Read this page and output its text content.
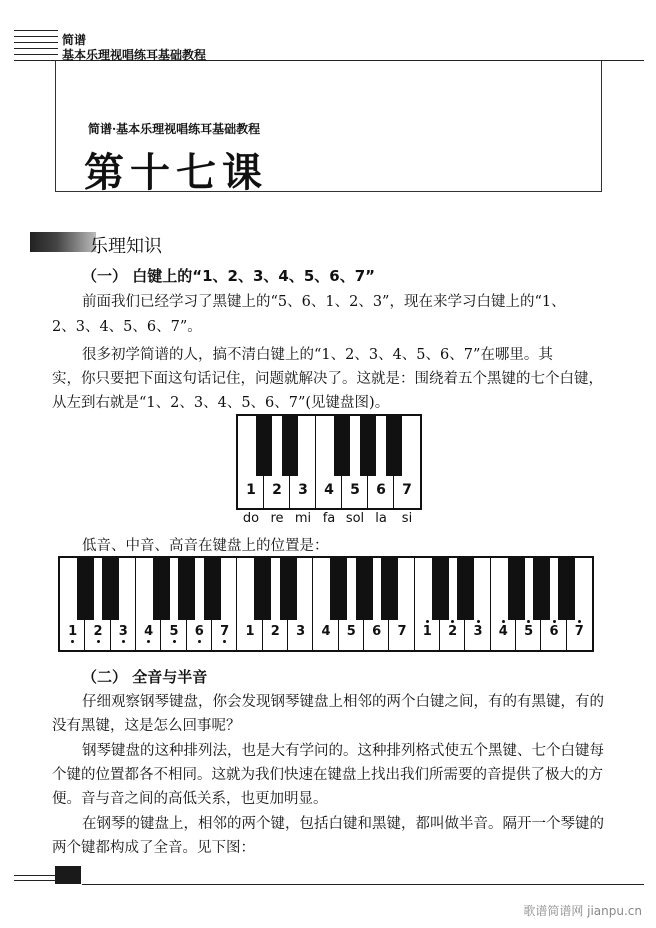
简谱
基本乐理视唱练耳基础教程
简谱·基本乐理视唱练耳基础教程
第十七课
乐理知识
（一） 白键上的“1、2、3、4、5、6、7”
前面我们已经学习了黑键上的“5、6、1、2、3”，现在来学习白键上的“1、
2、3、4、5、6、7”。
很多初学简谱的人，搞不清白键上的“1、2、3、4、5、6、7”在哪里。其
实，你只要把下面这句话记住，问题就解决了。这就是：围绕着五个黑键的七个白键，
从左到右就是“1、2、3、4、5、6、7”(见键盘图)。
1	2	3	4	5	6	7
低音、中音、高音在键盘上的位置是：
1	2	3	4	5	6	7	1	2	3	4	5	6	7	1	2	3	4	5	6	7
（二） 全音与半音
仔细观察钢琴键盘，你会发现钢琴键盘上相邻的两个白键之间，有的有黑键，有的
没有黑键，这是怎么回事呢？
钢琴键盘的这种排列法，也是大有学问的。这种排列格式使五个黑键、七个白键每
个键的位置都各不相同。这就为我们快速在键盘上找出我们所需要的音提供了极大的方
便。音与音之间的高低关系，也更加明显。
在钢琴的键盘上，相邻的两个键，包括白键和黑键，都叫做半音。隔开一个琴键的
两个键都构成了全音。见下图：
歌谱简谱网 jianpu.cn
do re mi fa sol la	si
